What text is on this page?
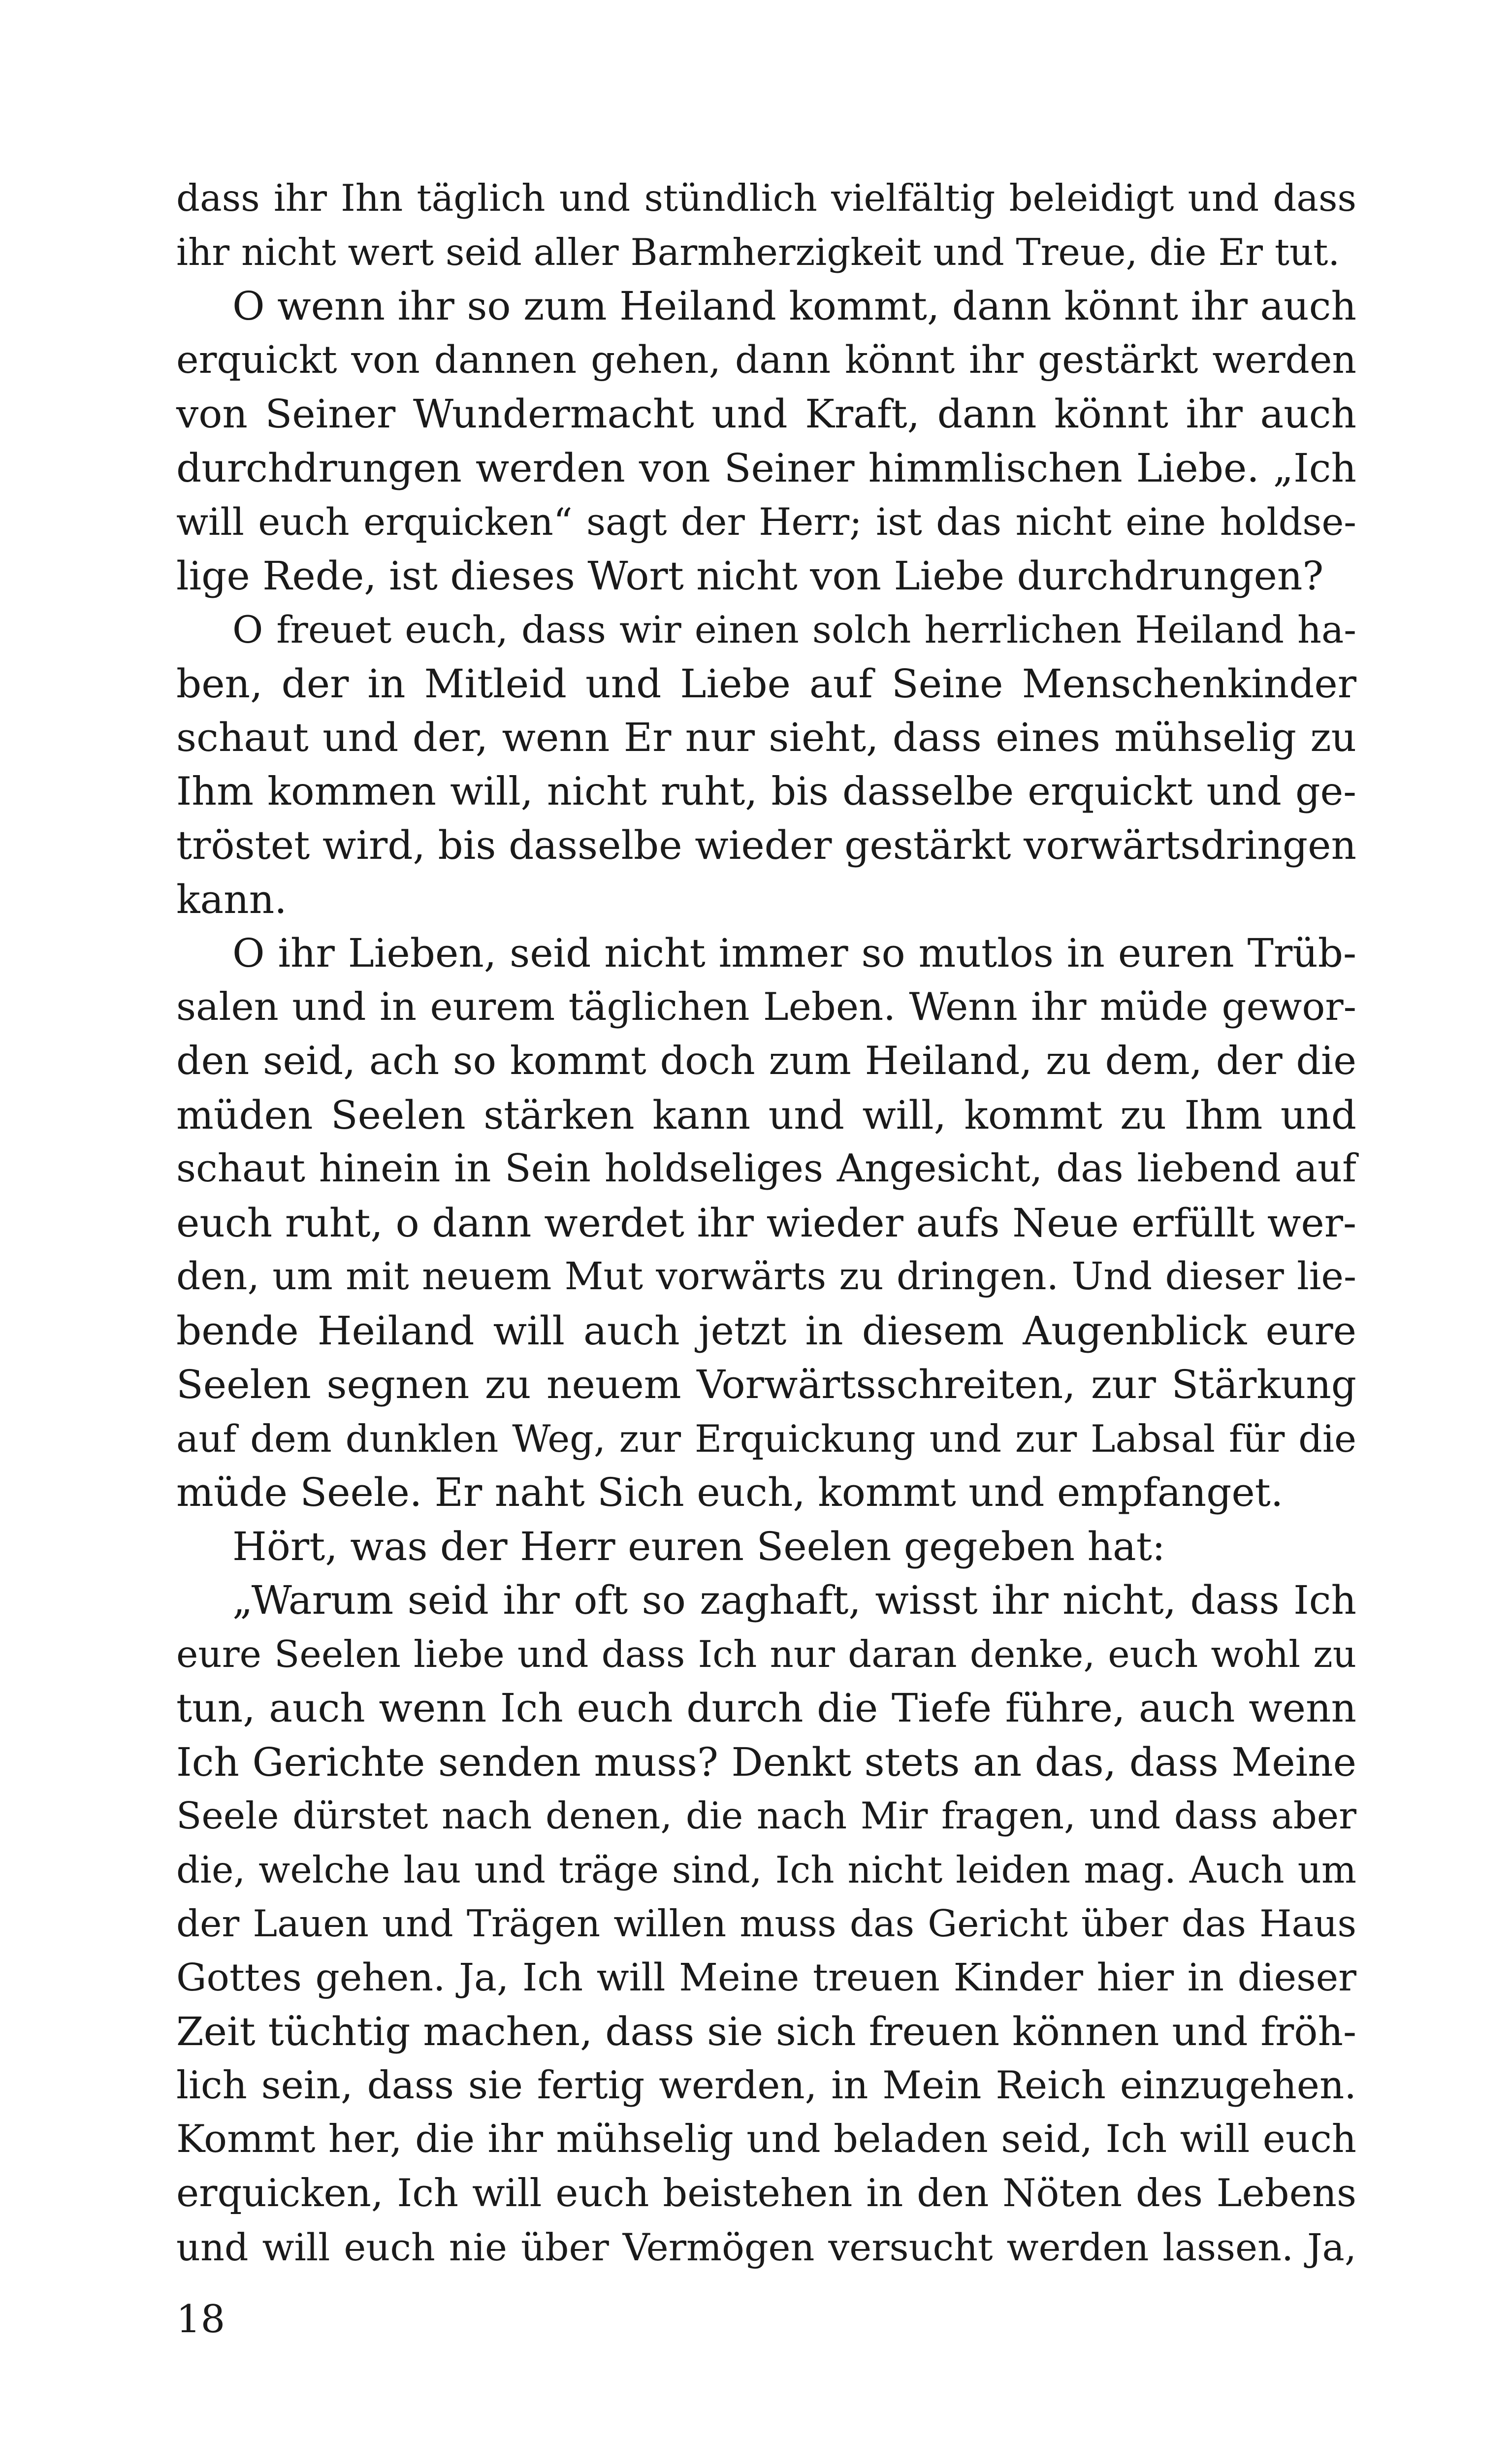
dass ihr Ihn täglich und stündlich vielfältig beleidigt und dass
ihr nicht wert seid aller Barmherzigkeit und Treue, die Er tut.
O wenn ihr so zum Heiland kommt, dann könnt ihr auch
erquickt von dannen gehen, dann könnt ihr gestärkt werden
von Seiner Wundermacht und Kraft, dann könnt ihr auch
durchdrungen werden von Seiner himmlischen Liebe. „Ich
will euch erquicken“ sagt der Herr; ist das nicht eine holdse-
lige Rede, ist dieses Wort nicht von Liebe durchdrungen?
O freuet euch, dass wir einen solch herrlichen Heiland ha-
ben, der in Mitleid und Liebe auf Seine Menschenkinder
schaut und der, wenn Er nur sieht, dass eines mühselig zu
Ihm kommen will, nicht ruht, bis dasselbe erquickt und ge-
tröstet wird, bis dasselbe wieder gestärkt vorwärtsdringen
kann.
O ihr Lieben, seid nicht immer so mutlos in euren Trüb-
salen und in eurem täglichen Leben. Wenn ihr müde gewor-
den seid, ach so kommt doch zum Heiland, zu dem, der die
müden Seelen stärken kann und will, kommt zu Ihm und
schaut hinein in Sein holdseliges Angesicht, das liebend auf
euch ruht, o dann werdet ihr wieder aufs Neue erfüllt wer-
den, um mit neuem Mut vorwärts zu dringen. Und dieser lie-
bende Heiland will auch jetzt in diesem Augenblick eure
Seelen segnen zu neuem Vorwärtsschreiten, zur Stärkung
auf dem dunklen Weg, zur Erquickung und zur Labsal für die
müde Seele. Er naht Sich euch, kommt und empfanget.
Hört, was der Herr euren Seelen gegeben hat:
„Warum seid ihr oft so zaghaft, wisst ihr nicht, dass Ich
eure Seelen liebe und dass Ich nur daran denke, euch wohl zu
tun, auch wenn Ich euch durch die Tiefe führe, auch wenn
Ich Gerichte senden muss? Denkt stets an das, dass Meine
Seele dürstet nach denen, die nach Mir fragen, und dass aber
die, welche lau und träge sind, Ich nicht leiden mag. Auch um
der Lauen und Trägen willen muss das Gericht über das Haus
Gottes gehen. Ja, Ich will Meine treuen Kinder hier in dieser
Zeit tüchtig machen, dass sie sich freuen können und fröh-
lich sein, dass sie fertig werden, in Mein Reich einzugehen.
Kommt her, die ihr mühselig und beladen seid, Ich will euch
erquicken, Ich will euch beistehen in den Nöten des Lebens
und will euch nie über Vermögen versucht werden lassen. Ja,
18
